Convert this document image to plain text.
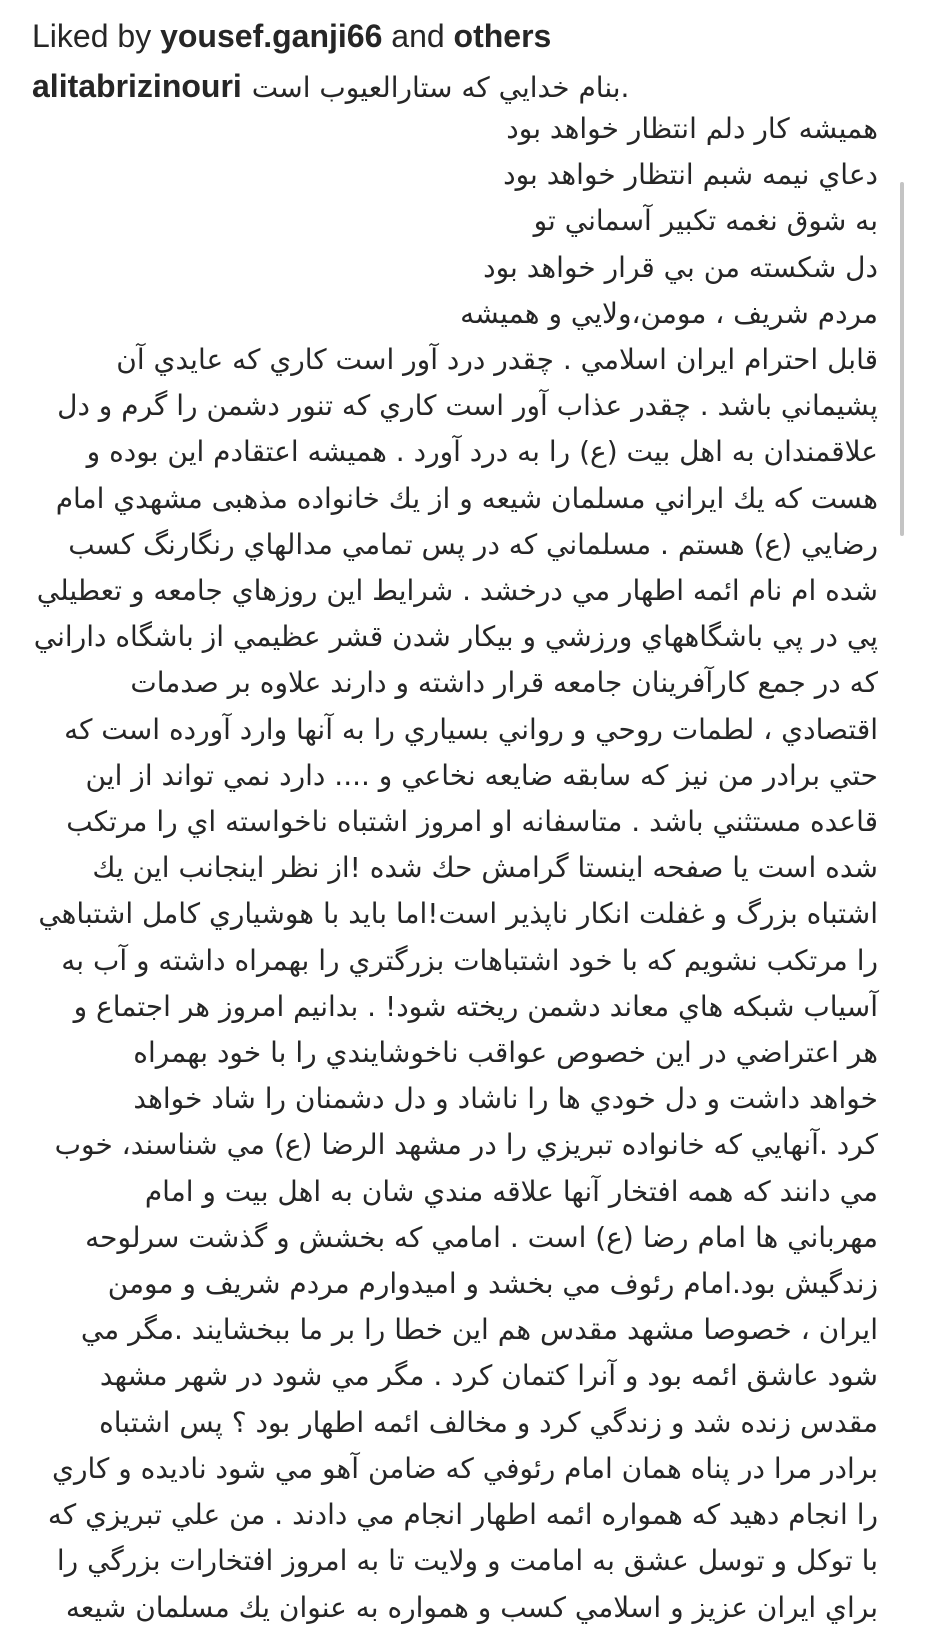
Liked by yousef.ganji66 and others
alitabrizinouri .بنام خدايي كه ستارالعيوب است
هميشه كار دلم انتظار خواهد بود
دعاي نيمه شبم انتظار خواهد بود
به شوق نغمه تكبير آسماني تو
دل شكسته من بي قرار خواهد بود
مردم شريف ، مومن،ولايي و هميشه
قابل احترام ايران اسلامي . چقدر درد آور است كاري كه عايدي آن
پشيماني باشد . چقدر عذاب آور است كاري كه تنور دشمن را گرم و دل
علاقمندان به اهل بيت (ع) را به درد آورد . هميشه اعتقادم اين بوده و
هست كه يك ايراني مسلمان شيعه و از يك خانواده مذهبی مشهدي امام
رضايي (ع) هستم . مسلماني كه در پس تمامي مدالهاي رنگارنگ كسب
شده ام نام ائمه اطهار مي درخشد . شرايط اين روزهاي جامعه و تعطيلي
پي در پي باشگاههاي ورزشي و بيكار شدن قشر عظيمي از باشگاه داراني
كه در جمع كارآفرينان جامعه قرار داشته و دارند علاوه بر صدمات
اقتصادي ، لطمات روحي و رواني بسياري را به آنها وارد آورده است كه
حتي برادر من نيز كه سابقه ضايعه نخاعي و .... دارد نمي تواند از اين
قاعده مستثني باشد . متاسفانه او امروز اشتباه ناخواسته اي را مرتكب
شده است يا صفحه اينستا گرامش حك شده !از نظر اينجانب اين يك
اشتباه بزرگ و غفلت انكار ناپذير است!اما بايد با هوشياري كامل اشتباهي
را مرتكب نشويم كه با خود اشتباهات بزرگتري را بهمراه داشته و آب به
آسياب شبكه هاي معاند دشمن ريخته شود! . بدانيم امروز هر اجتماع و
هر اعتراضي در اين خصوص عواقب ناخوشايندي را با خود بهمراه
خواهد داشت و دل خودي ها را ناشاد و دل دشمنان را شاد خواهد
كرد .آنهايي كه خانواده تبريزي را در مشهد الرضا (ع) مي شناسند، خوب
مي دانند كه همه افتخار آنها علاقه مندي شان به اهل بيت و امام
مهرباني ها امام رضا (ع) است . امامي كه بخشش و گذشت سرلوحه
زندگيش بود.امام رئوف مي بخشد و اميدوارم مردم شريف و مومن
ايران ، خصوصا مشهد مقدس هم اين خطا را بر ما ببخشايند .مگر مي
شود عاشق ائمه بود و آنرا كتمان كرد . مگر مي شود در شهر مشهد
مقدس زنده شد و زندگي كرد و مخالف ائمه اطهار بود ؟ پس اشتباه
برادر مرا در پناه همان امام رئوفي كه ضامن آهو مي شود ناديده و كاري
را انجام دهيد كه همواره ائمه اطهار انجام مي دادند . من علي تبريزي كه
با توكل و توسل عشق به امامت و ولايت تا به امروز افتخارات بزرگي را
براي ايران عزيز و اسلامي كسب و همواره به عنوان يك مسلمان شيعه
